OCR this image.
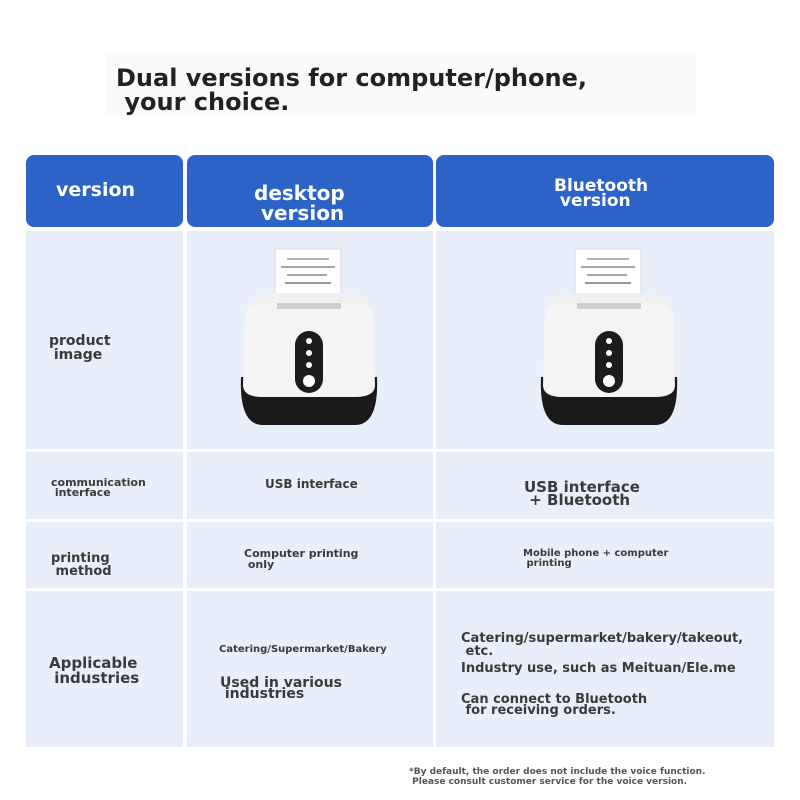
Dual versions for computer/phone,
your choice.
version	desktop
version
Bluetooth
version
product
image
communication
interface
USB interface	USB interface
+ Bluetooth
printing
method
Computer printing
only
Mobile phone + computer
printing
Applicable
industries
Catering/Supermarket/Bakery
Used in various
industries
Catering/supermarket/bakery/takeout,
etc.
Industry use, such as Meituan/Ele.me
Can connect to Bluetooth
for receiving orders.
*By default, the order does not include the voice function.
Please consult customer service for the voice version.
